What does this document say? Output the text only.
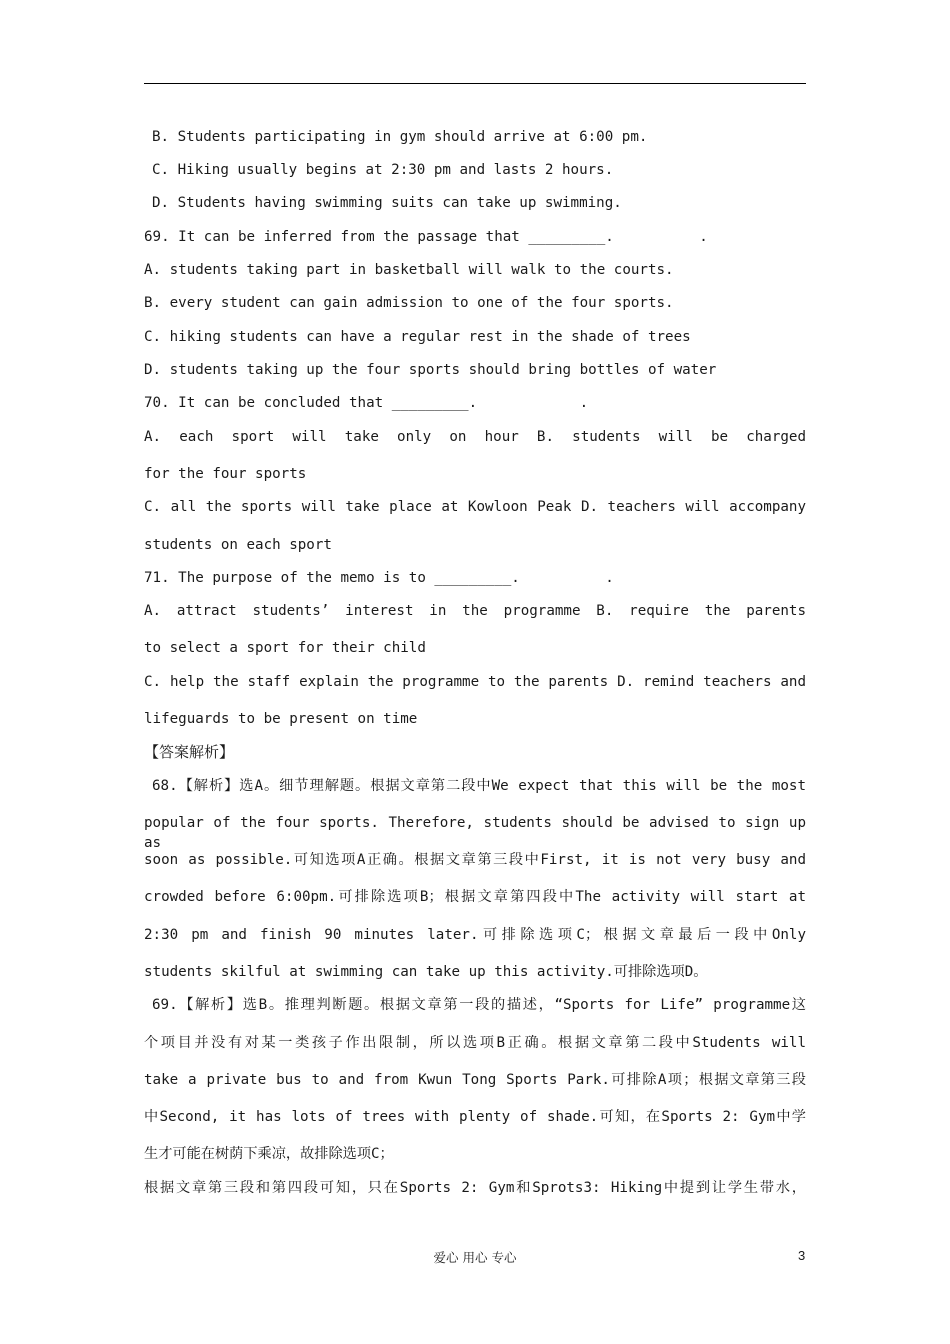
B. Students participating in gym should arrive at 6:00 pm.
C. Hiking usually begins at 2:30 pm and lasts 2 hours.
D. Students having swimming suits can take up swimming.
69. It can be inferred from the passage that _________.          .
A. students taking part in basketball will walk to the courts.
B. every student can gain admission to one of the four sports.
C. hiking students can have a regular rest in the shade of trees
D. students taking up the four sports should bring bottles of water
70. It can be concluded that _________.            .
A. each sport will take only on hour B. students will be charged
for the four sports
C. all the sports will take place at Kowloon Peak D. teachers will accompany
students on each sport
71. The purpose of the memo is to _________.          .
A. attract students’ interest in the programme B. require the parents
to select a sport for their child
C. help the staff explain the programme to the parents D. remind teachers and
lifeguards to be present on time
【答案解析】
68.【解析】选A。细节理解题。根据文章第二段中We expect that this will be the most
popular of the four sports. Therefore, students should be advised to sign up as
soon as possible.可知选项A正确。根据文章第三段中First, it is not very busy and
crowded before 6:00pm.可排除选项B；根据文章第四段中The activity will start at
2:30 pm and finish 90 minutes later.可排除选项C；根据文章最后一段中Only
students skilful at swimming can take up this activity.可排除选项D。
69.【解析】选B。推理判断题。根据文章第一段的描述，“Sports for Life” programme这
个项目并没有对某一类孩子作出限制，所以选项B正确。根据文章第二段中Students will
take a private bus to and from Kwun Tong Sports Park.可排除A项；根据文章第三段
中Second, it has lots of trees with plenty of shade.可知，在Sports 2: Gym中学
生才可能在树荫下乘凉，故排除选项C；
根据文章第三段和第四段可知，只在Sports 2: Gym和Sprots3: Hiking中提到让学生带水，
爱心 用心 专心	3
